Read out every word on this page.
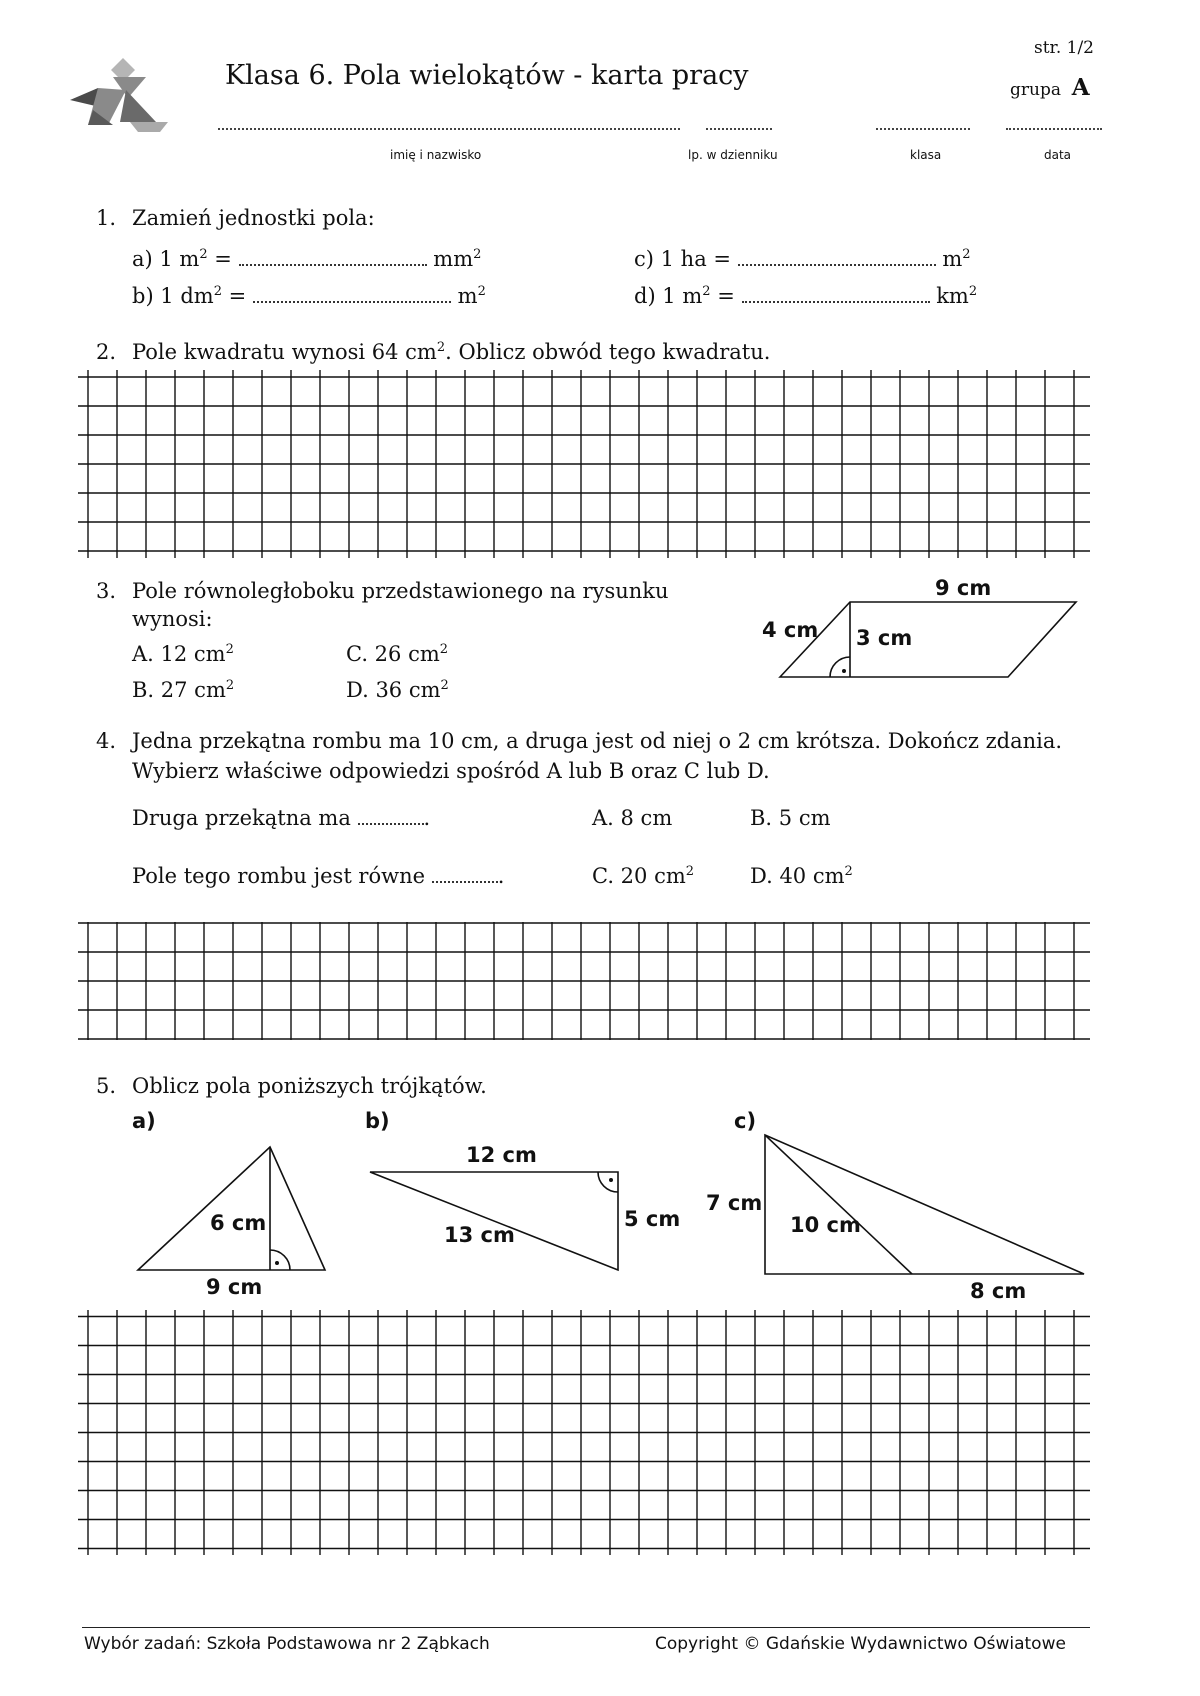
Klasa 6. Pola wielokątów - karta pracy
str. 1/2
grupa A
imię i nazwisko	lp. w dzienniku	klasa	data
1. Zamień jednostki pola:
a) 1 $m^2$ =	$mm^2$
b) 1 $dm^2$ =	$m^2$
c) 1 ha =	$m^2$
d) 1 $m^2$ =	$km^2$
2. Pole kwadratu wynosi 64 $cm^2$. Oblicz obwód tego kwadratu.
3. Pole równoległoboku przedstawionego na rysunku
wynosi:
A. 12 $cm^2$	C. 26 $cm^2$
B. 27 $cm^2$	D. 36 $cm^2$
9 cm
4 cm 3 cm
4. Jedna przekątna rombu ma 10 cm, a druga jest od niej o 2 cm krótsza. Dokończ zdania.
Wybierz właściwe odpowiedzi spośród A lub B oraz C lub D.
Druga przekątna ma	.	A. 8 cm	B. 5 cm
Pole tego rombu jest równe	.	C. 20 $cm^2$	D. 40 $cm^2$
5. Oblicz pola poniższych trójkątów.
a)
6 cm
9 cm
b)
12 cm
5 cm
13 cm
c)
7 cm
10 cm
8 cm
Wybór zadań: Szkoła Podstawowa nr 2 Ząbkach	Copyright © Gdańskie Wydawnictwo Oświatowe
